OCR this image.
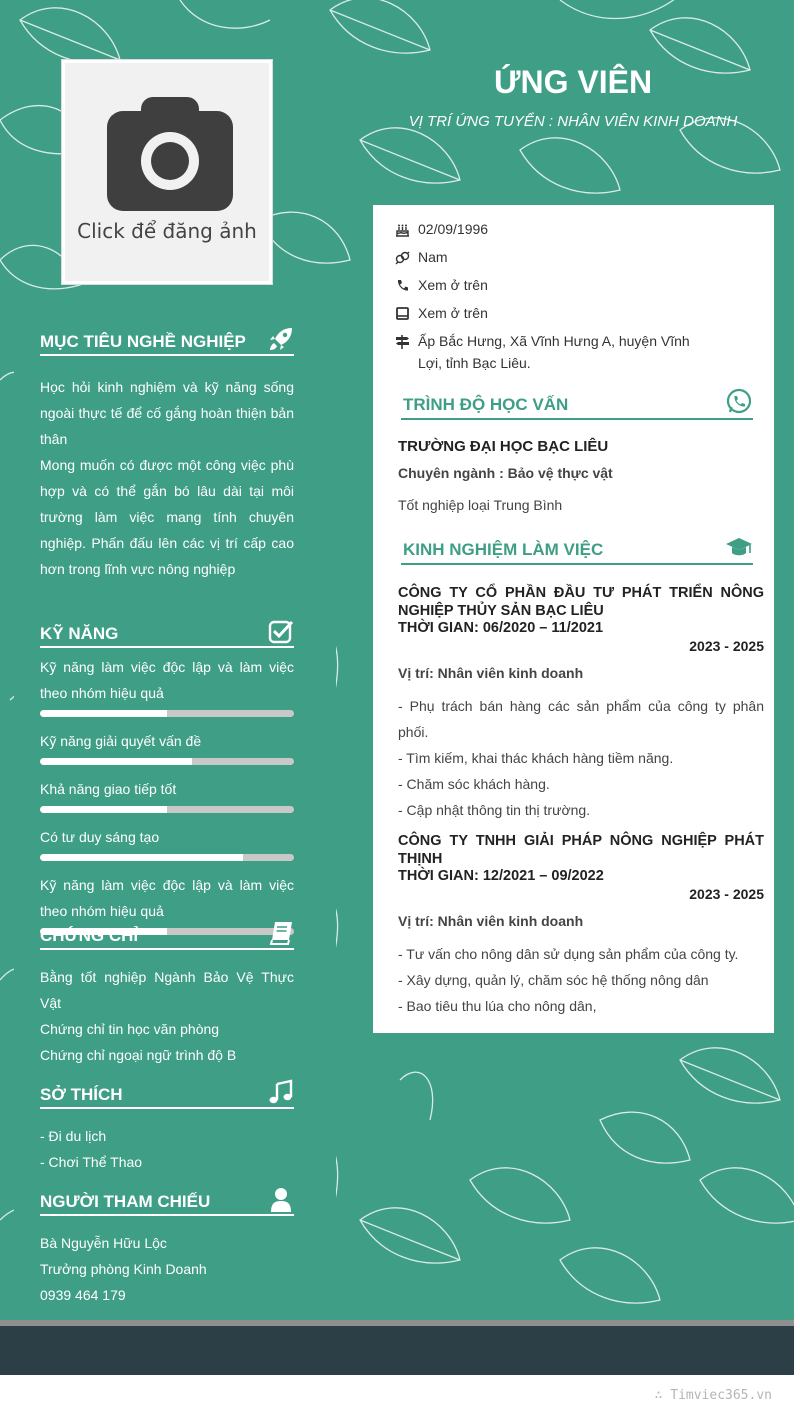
Click để đăng ảnh
ỨNG VIÊN
VỊ TRÍ ỨNG TUYỂN : NHÂN VIÊN KINH DOANH
MỤC TIÊU NGHỀ NGHIỆP
Học hỏi kinh nghiệm và kỹ năng sống ngoài thực tế để cố gắng hoàn thiện bản thân
Mong muốn có được một công việc phù hợp và có thể gắn bó lâu dài tại môi trường làm việc mang tính chuyên nghiệp. Phấn đấu lên các vị trí cấp cao hơn trong lĩnh vực nông nghiệp
KỸ NĂNG
Kỹ năng làm việc độc lập và làm việc theo nhóm hiệu quả
Kỹ năng giải quyết vấn đề
Khả năng giao tiếp tốt
Có tư duy sáng tạo
Kỹ năng làm việc độc lập và làm việc theo nhóm hiệu quả
CHỨNG CHỈ
Bằng tốt nghiệp Ngành Bảo Vệ Thực Vật
Chứng chỉ tin học văn phòng
Chứng chỉ ngoại ngữ trình độ B
SỞ THÍCH
- Đi du lịch
- Chơi Thể Thao
NGƯỜI THAM CHIẾU
Bà Nguyễn Hữu Lộc
Trưởng phòng Kinh Doanh
0939 464 179
02/09/1996
Nam
Xem ở trên
Xem ở trên
Ấp Bắc Hưng, Xã Vĩnh Hưng A, huyện Vĩnh Lợi, tỉnh Bạc Liêu.
TRÌNH ĐỘ HỌC VẤN
TRƯỜNG ĐẠI HỌC BẠC LIÊU
Chuyên ngành : Bảo vệ thực vật
Tốt nghiệp loại Trung Bình
KINH NGHIỆM LÀM VIỆC
CÔNG TY CỔ PHẦN ĐẦU TƯ PHÁT TRIỂN NÔNG NGHIỆP THỦY SẢN BẠC LIÊU
THỜI GIAN: 06/2020 – 11/2021
2023 - 2025
Vị trí: Nhân viên kinh doanh
- Phụ trách bán hàng các sản phẩm của công ty phân phối.
- Tìm kiếm, khai thác khách hàng tiềm năng.
- Chăm sóc khách hàng.
- Cập nhật thông tin thị trường.
CÔNG TY TNHH GIẢI PHÁP NÔNG NGHIỆP PHÁT THỊNH
THỜI GIAN: 12/2021 – 09/2022
2023 - 2025
Vị trí: Nhân viên kinh doanh
- Tư vấn cho nông dân sử dụng sản phẩm của công ty.
- Xây dựng, quản lý, chăm sóc hệ thống nông dân
- Bao tiêu thu lúa cho nông dân,
∴ Timviec365.vn
